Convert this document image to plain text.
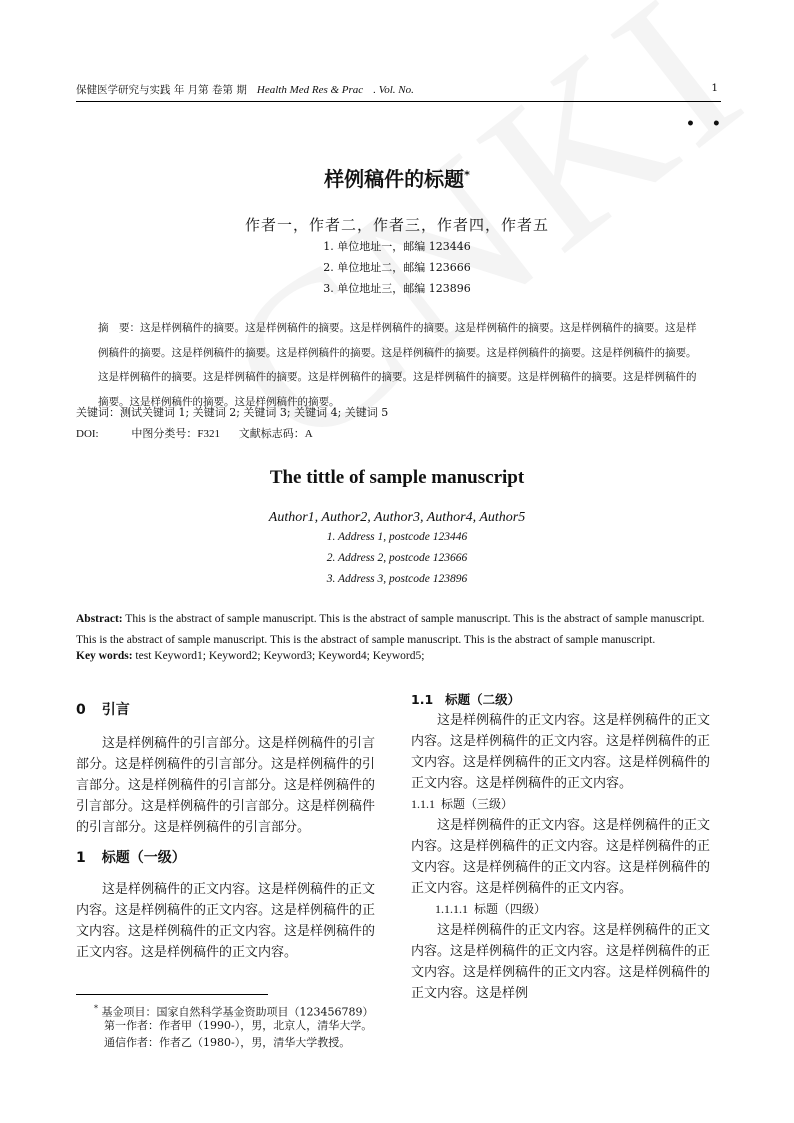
保健医学研究与实践 年 月第 卷第 期 Health Med Res & Prac . Vol. No.	1
• •
样例稿件的标题*
作者一，作者二，作者三，作者四，作者五
1. 单位地址一，邮编 123446
2. 单位地址二，邮编 123666
3. 单位地址三，邮编 123896
摘　要：这是样例稿件的摘要。这是样例稿件的摘要。这是样例稿件的摘要。这是样例稿件的摘要。这是样例稿件的摘要。这是样例稿件的摘要。这是样例稿件的摘要。这是样例稿件的摘要。这是样例稿件的摘要。这是样例稿件的摘要。这是样例稿件的摘要。这是样例稿件的摘要。这是样例稿件的摘要。这是样例稿件的摘要。这是样例稿件的摘要。这是样例稿件的摘要。这是样例稿件的摘要。这是样例稿件的摘要。这是样例稿件的摘要。
关键词：测试关键词 1; 关键词 2; 关键词 3; 关键词 4; 关键词 5
DOI:	中图分类号：F321 文献标志码：A
The tittle of sample manuscript
Author1, Author2, Author3, Author4, Author5
1. Address 1, postcode 123446
2. Address 2, postcode 123666
3. Address 3, postcode 123896
Abstract: This is the abstract of sample manuscript. This is the abstract of sample manuscript. This is the abstract of sample manuscript. This is the abstract of sample manuscript. This is the abstract of sample manuscript. This is the abstract of sample manuscript.
Key words: test Keyword1; Keyword2; Keyword3; Keyword4; Keyword5;
0 引言

这是样例稿件的引言部分。这是样例稿件的引言部分。这是样例稿件的引言部分。这是样例稿件的引言部分。这是样例稿件的引言部分。这是样例稿件的引言部分。这是样例稿件的引言部分。这是样例稿件的引言部分。这是样例稿件的引言部分。

1 标题（一级）

这是样例稿件的正文内容。这是样例稿件的正文内容。这是样例稿件的正文内容。这是样例稿件的正文内容。这是样例稿件的正文内容。这是样例稿件的正文内容。这是样例稿件的正文内容。

1.1 标题（二级）

这是样例稿件的正文内容。这是样例稿件的正文内容。这是样例稿件的正文内容。这是样例稿件的正文内容。这是样例稿件的正文内容。这是样例稿件的正文内容。这是样例稿件的正文内容。

1.1.1 标题（三级）

这是样例稿件的正文内容。这是样例稿件的正文内容。这是样例稿件的正文内容。这是样例稿件的正文内容。这是样例稿件的正文内容。这是样例稿件的正文内容。这是样例稿件的正文内容。

1.1.1.1 标题（四级）

这是样例稿件的正文内容。这是样例稿件的正文内容。这是样例稿件的正文内容。这是样例稿件的正文内容。这是样例稿件的正文内容。这是样例稿件的正文内容。这是样例

* 基金项目：国家自然科学基金资助项目（123456789）
第一作者：作者甲（1990-），男，北京人，清华大学。
通信作者：作者乙（1980-），男，清华大学教授。
